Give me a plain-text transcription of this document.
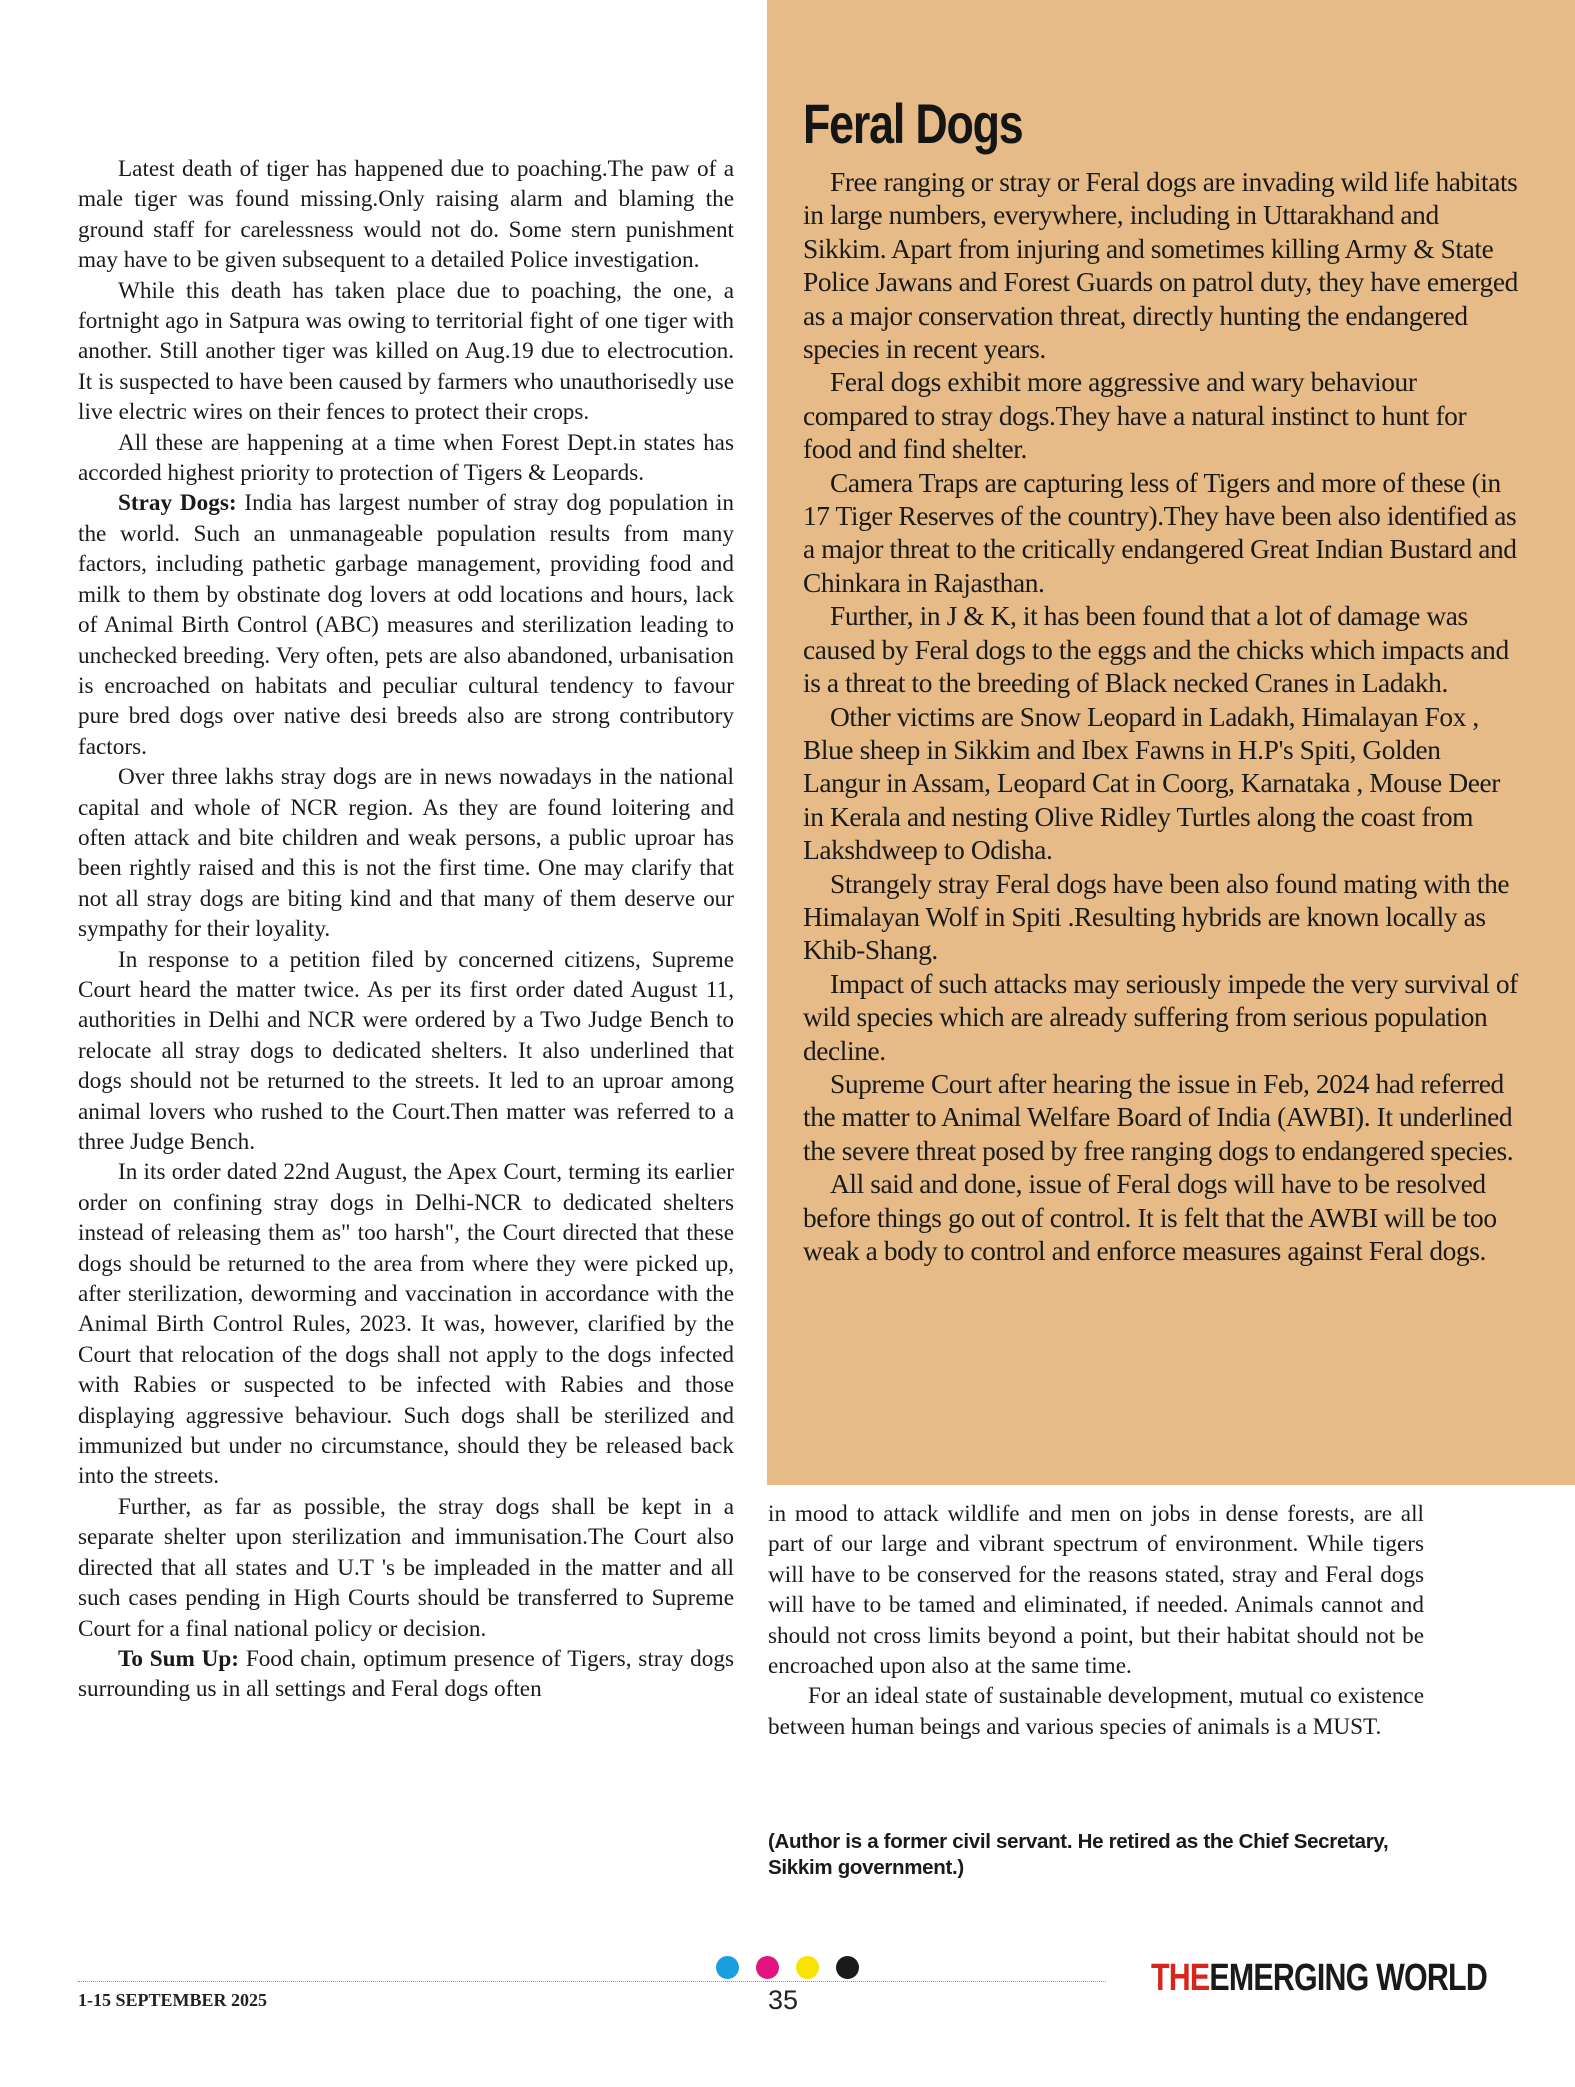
Latest death of tiger has happened due to poaching.The paw of a male tiger was found missing.Only raising alarm and blaming the ground staff for carelessness would not do. Some stern punishment may have to be given subsequent to a detailed Police investigation.

While this death has taken place due to poaching, the one, a fortnight ago in Satpura was owing to territorial fight of one tiger with another. Still another tiger was killed on Aug.19 due to electrocution. It is suspected to have been caused by farmers who unauthorisedly use live electric wires on their fences to protect their crops.

All these are happening at a time when Forest Dept.in states has accorded highest priority to protection of Tigers & Leopards.

Stray Dogs: India has largest number of stray dog population in the world. Such an unmanageable population results from many factors, including pathetic garbage management, providing food and milk to them by obstinate dog lovers at odd locations and hours, lack of Animal Birth Control (ABC) measures and sterilization leading to unchecked breeding. Very often, pets are also abandoned, urbanisation is encroached on habitats and peculiar cultural tendency to favour pure bred dogs over native desi breeds also are strong contributory factors.

Over three lakhs stray dogs are in news nowadays in the national capital and whole of NCR region. As they are found loitering and often attack and bite children and weak persons, a public uproar has been rightly raised and this is not the first time. One may clarify that not all stray dogs are biting kind and that many of them deserve our sympathy for their loyality.

In response to a petition filed by concerned citizens, Supreme Court heard the matter twice. As per its first order dated August 11, authorities in Delhi and NCR were ordered by a Two Judge Bench to relocate all stray dogs to dedicated shelters. It also underlined that dogs should not be returned to the streets. It led to an uproar among animal lovers who rushed to the Court.Then matter was referred to a three Judge Bench.

In its order dated 22nd August, the Apex Court, terming its earlier order on confining stray dogs in Delhi-NCR to dedicated shelters instead of releasing them as" too harsh", the Court directed that these dogs should be returned to the area from where they were picked up, after sterilization, deworming and vaccination in accordance with the Animal Birth Control Rules, 2023. It was, however, clarified by the Court that relocation of the dogs shall not apply to the dogs infected with Rabies or suspected to be infected with Rabies and those displaying aggressive behaviour. Such dogs shall be sterilized and immunized but under no circumstance, should they be released back into the streets.

Further, as far as possible, the stray dogs shall be kept in a separate shelter upon sterilization and immunisation.The Court also directed that all states and U.T 's be impleaded in the matter and all such cases pending in High Courts should be transferred to Supreme Court for a final national policy or decision.

To Sum Up: Food chain, optimum presence of Tigers, stray dogs surrounding us in all settings and Feral dogs often

Feral Dogs

Free ranging or stray or Feral dogs are invading wild life habitats in large numbers, everywhere, including in Uttarakhand and Sikkim. Apart from injuring and sometimes killing Army & State Police Jawans and Forest Guards on patrol duty, they have emerged as a major conservation threat, directly hunting the endangered species in recent years.

Feral dogs exhibit more aggressive and wary behaviour compared to stray dogs.They have a natural instinct to hunt for food and find shelter.

Camera Traps are capturing less of Tigers and more of these (in 17 Tiger Reserves of the country).They have been also identified as a major threat to the critically endangered Great Indian Bustard and Chinkara in Rajasthan.

Further, in J & K, it has been found that a lot of damage was caused by Feral dogs to the eggs and the chicks which impacts and is a threat to the breeding of Black necked Cranes in Ladakh.

Other victims are Snow Leopard in Ladakh, Himalayan Fox , Blue sheep in Sikkim and Ibex Fawns in H.P's Spiti, Golden Langur in Assam, Leopard Cat in Coorg, Karnataka , Mouse Deer in Kerala and nesting Olive Ridley Turtles along the coast from Lakshdweep to Odisha.

Strangely stray Feral dogs have been also found mating with the Himalayan Wolf in Spiti .Resulting hybrids are known locally as Khib-Shang.

Impact of such attacks may seriously impede the very survival of wild species which are already suffering from serious population decline.

Supreme Court after hearing the issue in Feb, 2024 had referred the matter to Animal Welfare Board of India (AWBI). It underlined the severe threat posed by free ranging dogs to endangered species.

All said and done, issue of Feral dogs will have to be resolved before things go out of control. It is felt that the AWBI will be too weak a body to control and enforce measures against Feral dogs.

in mood to attack wildlife and men on jobs in dense forests, are all part of our large and vibrant spectrum of environment. While tigers will have to be conserved for the reasons stated, stray and Feral dogs will have to be tamed and eliminated, if needed. Animals cannot and should not cross limits beyond a point, but their habitat should not be encroached upon also at the same time.

For an ideal state of sustainable development, mutual co existence between human beings and various species of animals is a MUST.

(Author is a former civil servant. He retired as the Chief Secretary, Sikkim government.)
1-15 SEPTEMBER 2025	35
THEEMERGING WORLD
